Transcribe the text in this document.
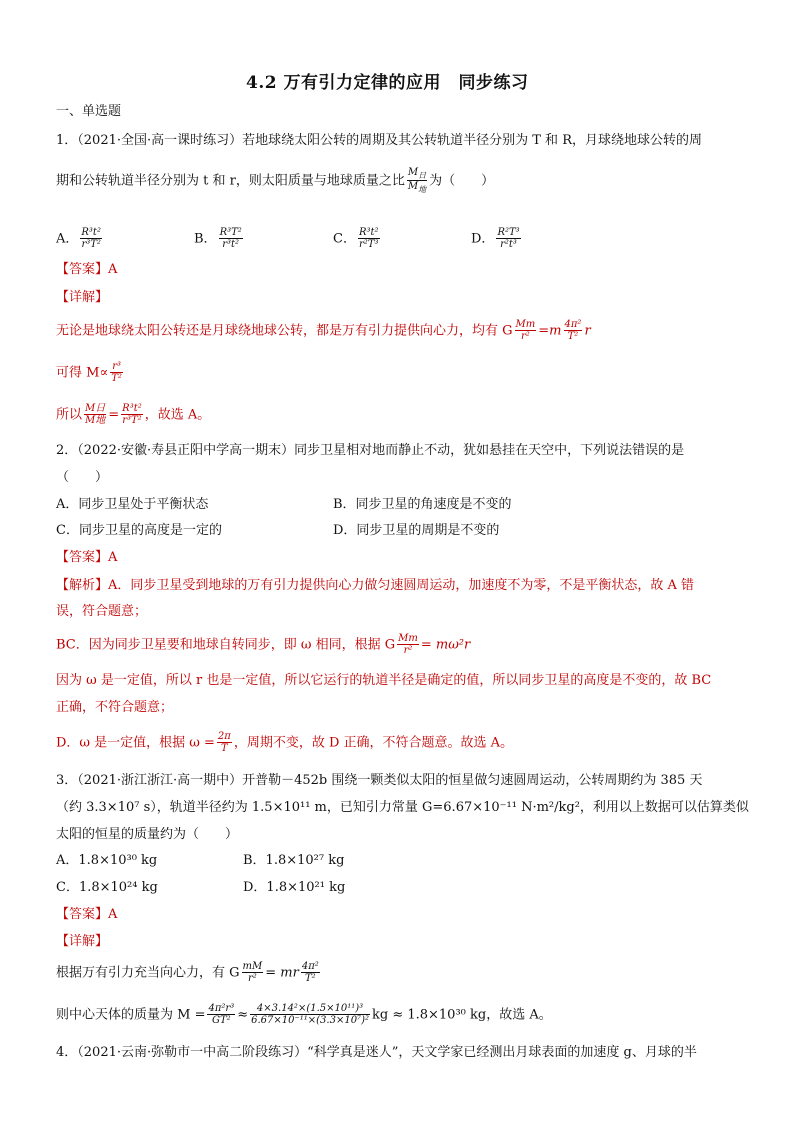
4.2 万有引力定律的应用　同步练习
一、单选题
1．（2021·全国·高一课时练习）若地球绕太阳公转的周期及其公转轨道半径分别为 T 和 R，月球绕地球公转的周
期和公转轨道半径分别为 t 和 r，则太阳质量与地球质量之比 $\frac{M_日}{M_地}$ 为（　　）
A． $\frac{\text{R³t²}}{\text{r³T²}}$	B． $\frac{\text{R³T²}}{\text{r³t²}}$	C． $\frac{\text{R³t²}}{\text{r²T³}}$	D． $\frac{\text{R²T³}}{\text{r²t³}}$
【答案】A
【详解】
无论是地球绕太阳公转还是月球绕地球公转，都是万有引力提供向心力，均有 G $\frac{Mm}{\text{r²}} =m \frac{\text{4π²}}{\text{T²}}$ r
可得 $M\propto \frac{\text{r³}}{\text{T²}}$
所以 $\frac{\text{M日}}{\text{M地}} = \frac{\text{R³t²}}{\text{r³T²}}$ ，故选 A。
2．（2022·安徽·寿县正阳中学高一期末）同步卫星相对地而静止不动，犹如悬挂在天空中，下列说法错误的是
（　　）
A．同步卫星处于平衡状态	B．同步卫星的角速度是不变的
C．同步卫星的高度是一定的	D．同步卫星的周期是不变的
【答案】A
【解析】A．同步卫星受到地球的万有引力提供向心力做匀速圆周运动，加速度不为零，不是平衡状态，故 A 错
误，符合题意；
BC．因为同步卫星要和地球自转同步，即 ω 相同，根据 G $\frac{Mm}{\text{r²}} = m\omega^2r$
因为 ω 是一定值，所以 r 也是一定值，所以它运行的轨道半径是确定的值，所以同步卫星的高度是不变的，故 BC
正确，不符合题意；
D．ω 是一定值，根据 $\omega = \frac{2\pi}{T}$ ，周期不变，故 D 正确，不符合题意。故选 A。
3．（2021·浙江浙江·高一期中）开普勒－452b 围绕一颗类似太阳的恒星做匀速圆周运动，公转周期约为 385 天
（约 3.3×10⁷ s），轨道半径约为 1.5×10¹¹ m，已知引力常量 G=6.67×10⁻¹¹ N·m²/kg²，利用以上数据可以估算类似
太阳的恒星的质量约为（　　）
A．1.8×10³⁰ kg	B．1.8×10²⁷ kg
C．1.8×10²⁴ kg	D．1.8×10²¹ kg
【答案】A
【详解】
根据万有引力充当向心力，有 G $\frac{mM}{\text{r²}}$ = mr $\frac{\text{4π²}}{\text{T²}}$
则中心天体的质量为 $M = \frac{\text{4π²r³}}{\text{GT²}} \approx \frac{\text{4×3.14²×(1.5×10¹¹)³}}{\text{6.67×10⁻¹¹×(3.3×10⁷)²}}$ kg ≈ 1.8×10³⁰ kg，故选 A。
4．（2021·云南·弥勒市一中高二阶段练习）“科学真是迷人”，天文学家已经测出月球表面的加速度 g、月球的半
